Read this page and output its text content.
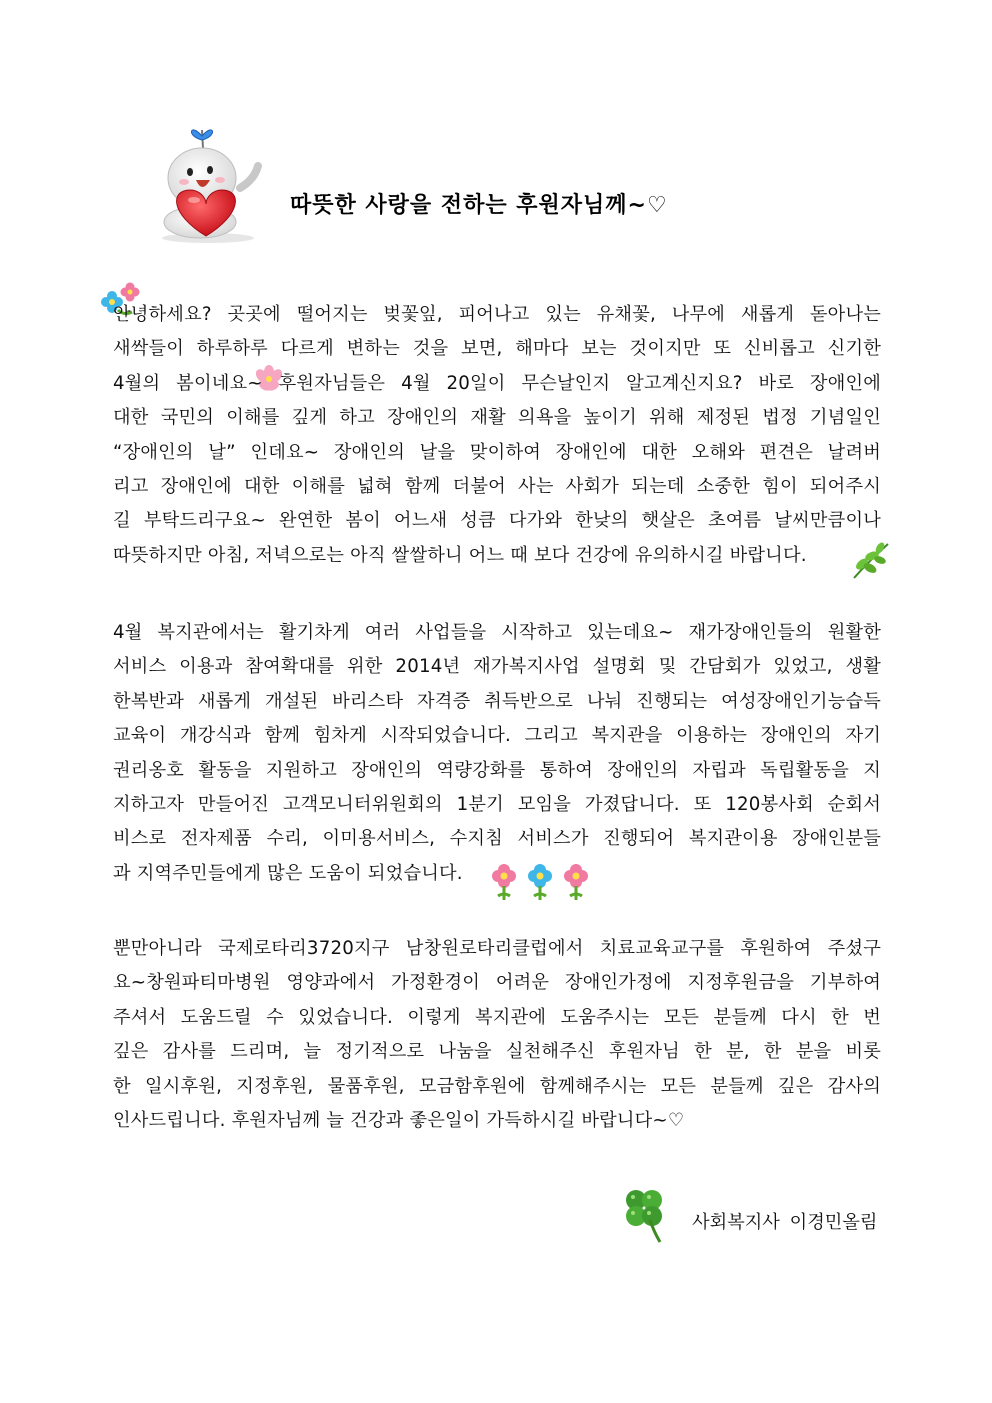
따뜻한 사랑을 전하는 후원자님께~♡
안녕하세요? 곳곳에 떨어지는 벚꽃잎, 피어나고 있는 유채꽃, 나무에 새롭게 돋아나는
새싹들이 하루하루 다르게 변하는 것을 보면, 해마다 보는 것이지만 또 신비롭고 신기한
4월의 봄이네요~ 후원자님들은 4월 20일이 무슨날인지 알고계신지요? 바로 장애인에
대한 국민의 이해를 깊게 하고 장애인의 재활 의욕을 높이기 위해 제정된 법정 기념일인
“장애인의 날” 인데요~ 장애인의 날을 맞이하여 장애인에 대한 오해와 편견은 날려버
리고 장애인에 대한 이해를 넓혀 함께 더불어 사는 사회가 되는데 소중한 힘이 되어주시
길 부탁드리구요~ 완연한 봄이 어느새 성큼 다가와 한낮의 햇살은 초여름 날씨만큼이나
따뜻하지만 아침, 저녁으로는 아직 쌀쌀하니 어느 때 보다 건강에 유의하시길 바랍니다.
4월 복지관에서는 활기차게 여러 사업들을 시작하고 있는데요~ 재가장애인들의 원활한
서비스 이용과 참여확대를 위한 2014년 재가복지사업 설명회 및 간담회가 있었고, 생활
한복반과 새롭게 개설된 바리스타 자격증 취득반으로 나눠 진행되는 여성장애인기능습득
교육이 개강식과 함께 힘차게 시작되었습니다. 그리고 복지관을 이용하는 장애인의 자기
권리옹호 활동을 지원하고 장애인의 역량강화를 통하여 장애인의 자립과 독립활동을 지
지하고자 만들어진 고객모니터위원회의 1분기 모임을 가졌답니다. 또 120봉사회 순회서
비스로 전자제품 수리, 이미용서비스, 수지침 서비스가 진행되어 복지관이용 장애인분들
과 지역주민들에게 많은 도움이 되었습니다.
뿐만아니라 국제로타리3720지구 남창원로타리클럽에서 치료교육교구를 후원하여 주셨구
요~창원파티마병원 영양과에서 가정환경이 어려운 장애인가정에 지정후원금을 기부하여
주셔서 도움드릴 수 있었습니다. 이렇게 복지관에 도움주시는 모든 분들께 다시 한 번
깊은 감사를 드리며, 늘 정기적으로 나눔을 실천해주신 후원자님 한 분, 한 분을 비롯
한 일시후원, 지정후원, 물품후원, 모금함후원에 함께해주시는 모든 분들께 깊은 감사의
인사드립니다. 후원자님께 늘 건강과 좋은일이 가득하시길 바랍니다~♡
사회복지사 이경민올림
